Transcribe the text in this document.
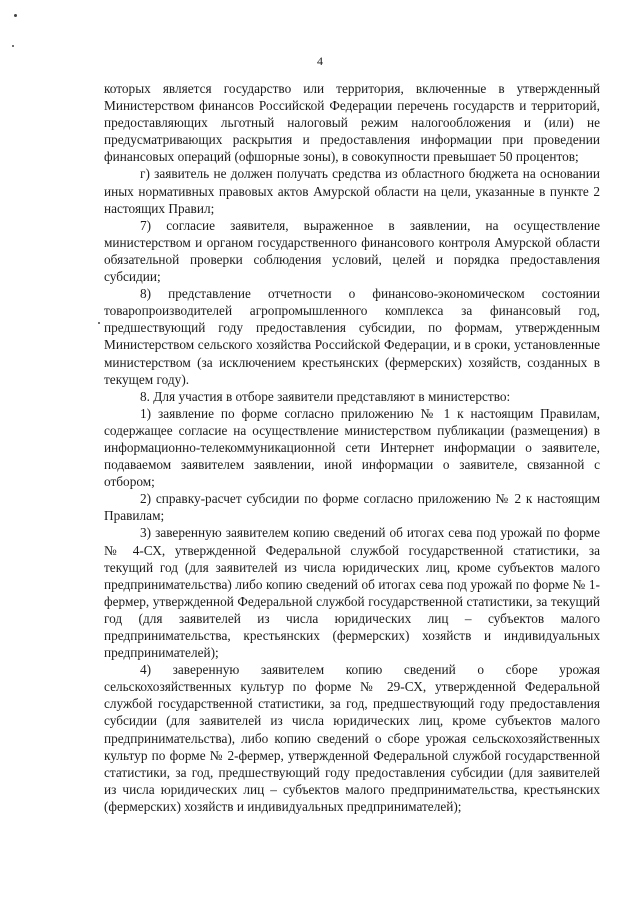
4

которых является государство или территория, включенные в утвержденный Министерством финансов Российской Федерации перечень государств и территорий, предоставляющих льготный налоговый режим налогообложения и (или) не предусматривающих раскрытия и предоставления информации при проведении финансовых операций (офшорные зоны), в совокупности превышает 50 процентов;

г) заявитель не должен получать средства из областного бюджета на основании иных нормативных правовых актов Амурской области на цели, указанные в пункте 2 настоящих Правил;

7) согласие заявителя, выраженное в заявлении, на осуществление министерством и органом государственного финансового контроля Амурской области обязательной проверки соблюдения условий, целей и порядка предоставления субсидии;

8) представление отчетности о финансово-экономическом состоянии товаропроизводителей агропромышленного комплекса за финансовый год, предшествующий году предоставления субсидии, по формам, утвержденным Министерством сельского хозяйства Российской Федерации, и в сроки, установленные министерством (за исключением крестьянских (фермерских) хозяйств, созданных в текущем году).

8. Для участия в отборе заявители представляют в министерство:

1) заявление по форме согласно приложению № 1 к настоящим Правилам, содержащее согласие на осуществление министерством публикации (размещения) в информационно-телекоммуникационной сети Интернет информации о заявителе, подаваемом заявителем заявлении, иной информации о заявителе, связанной с отбором;

2) справку-расчет субсидии по форме согласно приложению № 2 к настоящим Правилам;

3) заверенную заявителем копию сведений об итогах сева под урожай по форме № 4-СХ, утвержденной Федеральной службой государственной статистики, за текущий год (для заявителей из числа юридических лиц, кроме субъектов малого предпринимательства) либо копию сведений об итогах сева под урожай по форме № 1-фермер, утвержденной Федеральной службой государственной статистики, за текущий год (для заявителей из числа юридических лиц – субъектов малого предпринимательства, крестьянских (фермерских) хозяйств и индивидуальных предпринимателей);

4) заверенную заявителем копию сведений о сборе урожая сельскохозяйственных культур по форме № 29-СХ, утвержденной Федеральной службой государственной статистики, за год, предшествующий году предоставления субсидии (для заявителей из числа юридических лиц, кроме субъектов малого предпринимательства), либо копию сведений о сборе урожая сельскохозяйственных культур по форме № 2-фермер, утвержденной Федеральной службой государственной статистики, за год, предшествующий году предоставления субсидии (для заявителей из числа юридических лиц – субъектов малого предпринимательства, крестьянских (фермерских) хозяйств и индивидуальных предпринимателей);
